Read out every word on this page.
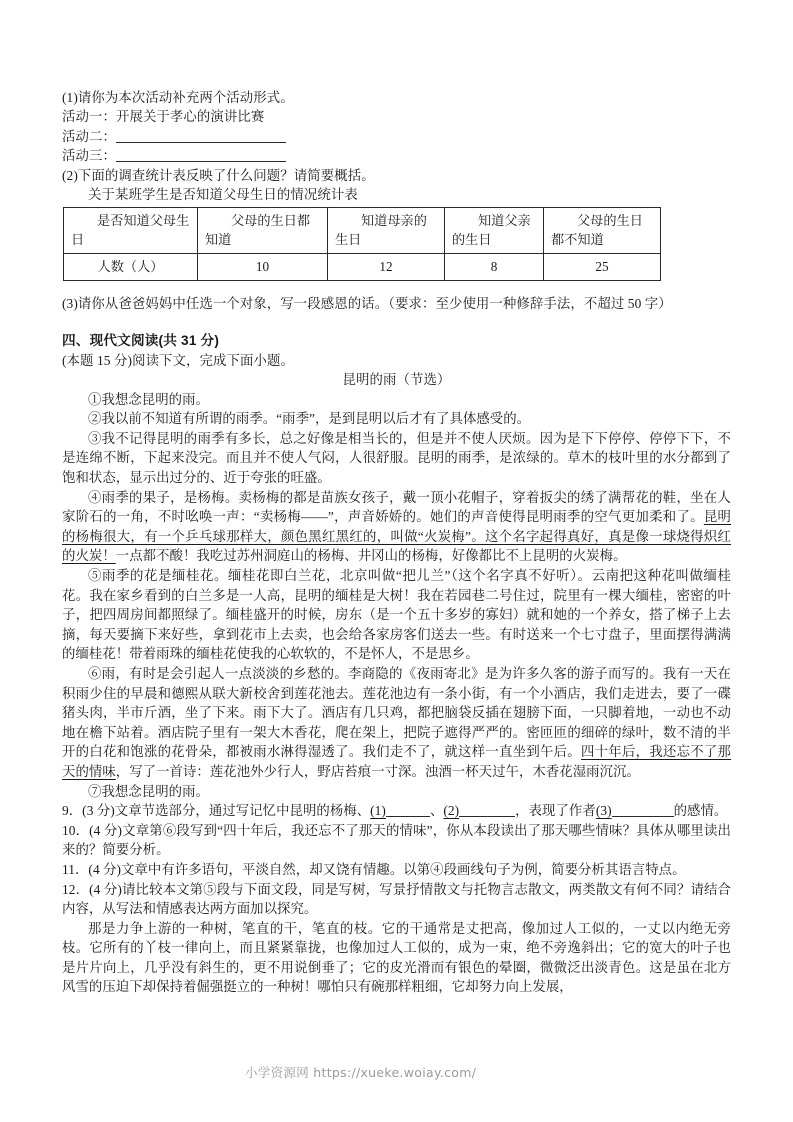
(1)请你为本次活动补充两个活动形式。
活动一：开展关于孝心的演讲比赛
活动二：
活动三：
(2)下面的调查统计表反映了什么问题？请简要概括。
关于某班学生是否知道父母生日的情况统计表
是否知道父母生日	父母的生日都知道	知道母亲的生日	知道父亲的生日	父母的生日都不知道
人数（人）	10	12	8	25
(3)请你从爸爸妈妈中任选一个对象，写一段感恩的话。（要求：至少使用一种修辞手法，不超过 50 字）
四、现代文阅读(共 31 分)
(本题 15 分)阅读下文，完成下面小题。
昆明的雨（节选）

①我想念昆明的雨。

②我以前不知道有所谓的雨季。“雨季”，是到昆明以后才有了具体感受的。

③我不记得昆明的雨季有多长，总之好像是相当长的，但是并不使人厌烦。因为是下下停停、停停下下，不是连绵不断，下起来没完。而且并不使人气闷，人很舒服。昆明的雨季，是浓绿的。草木的枝叶里的水分都到了饱和状态，显示出过分的、近于夸张的旺盛。

④雨季的果子，是杨梅。卖杨梅的都是苗族女孩子，戴一顶小花帽子，穿着扳尖的绣了满帮花的鞋，坐在人家阶石的一角，不时吆唤一声：“卖杨梅——”，声音娇娇的。她们的声音使得昆明雨季的空气更加柔和了。昆明的杨梅很大，有一个乒乓球那样大，颜色黑红黑红的，叫做“火炭梅”。这个名字起得真好，真是像一球烧得炽红的火炭！一点都不酸！我吃过苏州洞庭山的杨梅、井冈山的杨梅，好像都比不上昆明的火炭梅。

⑤雨季的花是缅桂花。缅桂花即白兰花，北京叫做“把儿兰”（这个名字真不好听）。云南把这种花叫做缅桂花。我在家乡看到的白兰多是一人高，昆明的缅桂是大树！我在若园巷二号住过，院里有一棵大缅桂，密密的叶子，把四周房间都照绿了。缅桂盛开的时候，房东（是一个五十多岁的寡妇）就和她的一个养女，搭了梯子上去摘，每天要摘下来好些，拿到花市上去卖，也会给各家房客们送去一些。有时送来一个七寸盘子，里面摆得满满的缅桂花！带着雨珠的缅桂花使我的心软软的，不是怀人，不是思乡。

⑥雨，有时是会引起人一点淡淡的乡愁的。李商隐的《夜雨寄北》是为许多久客的游子而写的。我有一天在积雨少住的早晨和德熙从联大新校舍到莲花池去。莲花池边有一条小街，有一个小酒店，我们走进去，要了一碟猪头肉，半市斤酒，坐了下来。雨下大了。酒店有几只鸡，都把脑袋反插在翅膀下面，一只脚着地，一动也不动地在檐下站着。酒店院子里有一架大木香花，爬在架上，把院子遮得严严的。密匝匝的细碎的绿叶，数不清的半开的白花和饱涨的花骨朵，都被雨水淋得湿透了。我们走不了，就这样一直坐到午后。四十年后，我还忘不了那天的情味，写了一首诗：莲花池外少行人，野店苔痕一寸深。浊酒一杯天过午，木香花湿雨沉沉。

⑦我想念昆明的雨。

9．(3 分)文章节选部分，通过写记忆中昆明的杨梅、(1)	、(2)	，表现了作者(3)	的感情。

10．(4 分)文章第⑥段写到“四十年后，我还忘不了那天的情味”，你从本段读出了那天哪些情味？具体从哪里读出来的？简要分析。

11．(4 分)文章中有许多语句，平淡自然，却又饶有情趣。以第④段画线句子为例，简要分析其语言特点。

12．(4 分)请比较本文第⑤段与下面文段，同是写树，写景抒情散文与托物言志散文，两类散文有何不同？请结合内容，从写法和情感表达两方面加以探究。

那是力争上游的一种树，笔直的干，笔直的枝。它的干通常是丈把高，像加过人工似的，一丈以内绝无旁枝。它所有的丫枝一律向上，而且紧紧靠拢，也像加过人工似的，成为一束，绝不旁逸斜出；它的宽大的叶子也是片片向上，几乎没有斜生的，更不用说倒垂了；它的皮光滑而有银色的晕圈，微微泛出淡青色。这是虽在北方风雪的压迫下却保持着倔强挺立的一种树！哪怕只有碗那样粗细，它却努力向上发展，

小学资源网 https://xueke.woiay.com/
